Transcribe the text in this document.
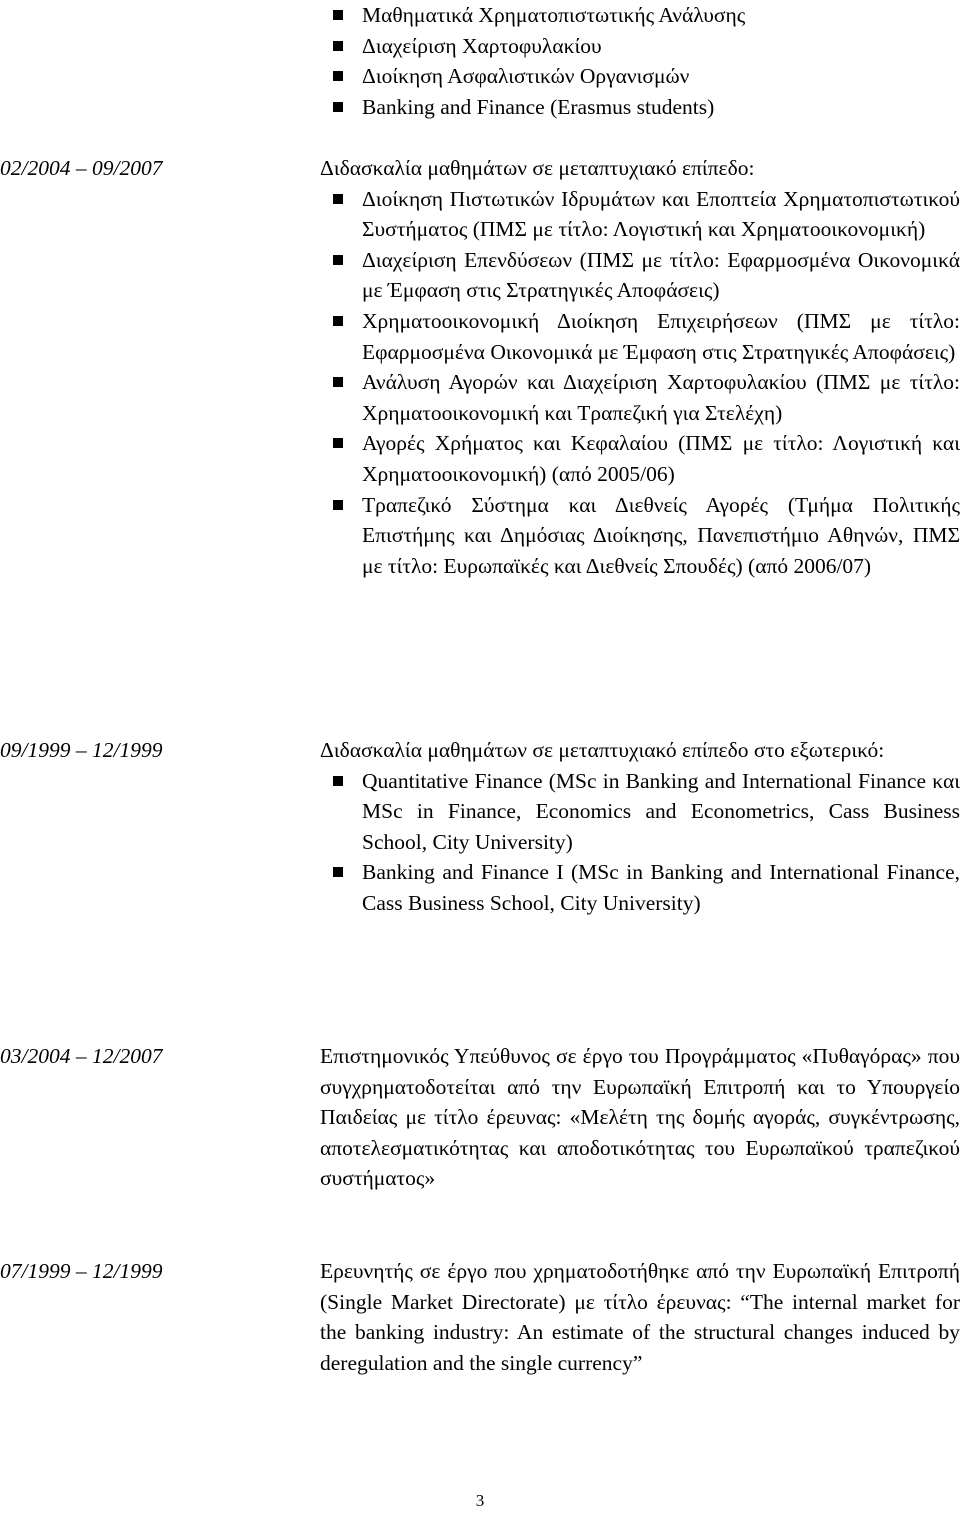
Μαθηματικά Χρηματοπιστωτικής Ανάλυσης
Διαχείριση Χαρτοφυλακίου
Διοίκηση Ασφαλιστικών Οργανισμών
Banking and Finance (Erasmus students)
02/2004 – 09/2007	Διδασκαλία μαθημάτων σε μεταπτυχιακό επίπεδο:

Διοίκηση Πιστωτικών Ιδρυμάτων και Εποπτεία Χρηματοπιστωτικού Συστήματος (ΠΜΣ με τίτλο: Λογιστική και Χρηματοοικονομική)
Διαχείριση Επενδύσεων (ΠΜΣ με τίτλο: Εφαρμοσμένα Οικονομικά με Έμφαση στις Στρατηγικές Αποφάσεις)
Χρηματοοικονομική Διοίκηση Επιχειρήσεων (ΠΜΣ με τίτλο: Εφαρμοσμένα Οικονομικά με Έμφαση στις Στρατηγικές Αποφάσεις)
Ανάλυση Αγορών και Διαχείριση Χαρτοφυλακίου (ΠΜΣ με τίτλο: Χρηματοοικονομική και Τραπεζική για Στελέχη)
Αγορές Χρήματος και Κεφαλαίου (ΠΜΣ με τίτλο: Λογιστική και Χρηματοοικονομική) (από 2005/06)
Τραπεζικό Σύστημα και Διεθνείς Αγορές (Τμήμα Πολιτικής Επιστήμης και Δημόσιας Διοίκησης, Πανεπιστήμιο Αθηνών, ΠΜΣ με τίτλο: Ευρωπαϊκές και Διεθνείς Σπουδές) (από 2006/07)
09/1999 – 12/1999	Διδασκαλία μαθημάτων σε μεταπτυχιακό επίπεδο στο εξωτερικό:

Quantitative Finance (MSc in Banking and International Finance και MSc in Finance, Economics and Econometrics, Cass Business School, City University)
Banking and Finance I (MSc in Banking and International Finance, Cass Business School, City University)
03/2004 – 12/2007	Επιστημονικός Υπεύθυνος σε έργο του Προγράμματος «Πυθαγόρας» που συγχρηματοδοτείται από την Ευρωπαϊκή Επιτροπή και το Υπουργείο Παιδείας με τίτλο έρευνας: «Μελέτη της δομής αγοράς, συγκέντρωσης, αποτελεσματικότητας και αποδοτικότητας του Ευρωπαϊκού τραπεζικού συστήματος»

07/1999 – 12/1999	Ερευνητής σε έργο που χρηματοδοτήθηκε από την Ευρωπαϊκή Επιτροπή (Single Market Directorate) με τίτλο έρευνας: “The internal market for the banking industry: An estimate of the structural changes induced by deregulation and the single currency”

3
